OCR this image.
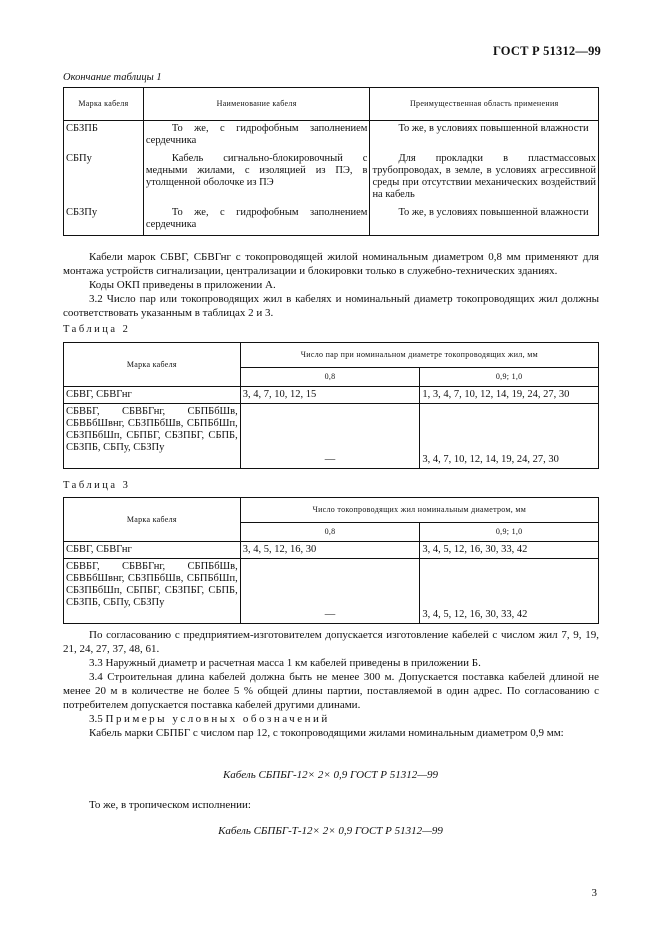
ГОСТ Р 51312—99
Окончание таблицы 1
Марка кабеля	Наименование кабеля	Преимущественная область применения
СБЗПБ	То же, с гидрофобным заполнением сердечника	То же, в условиях повышенной влажности
СБПу	Кабель сигнально-блокировочный с медными жилами, с изоляцией из ПЭ, в утолщенной оболочке из ПЭ	Для прокладки в пластмассовых трубопроводах, в земле, в условиях агрессивной среды при отсутствии механических воздействий на кабель
СБЗПу	То же, с гидрофобным заполнением сердечника	То же, в условиях повышенной влажности
Кабели марок СБВГ, СБВГнг с токопроводящей жилой номинальным диаметром 0,8 мм применяют для монтажа устройств сигнализации, централизации и блокировки только в служебно-технических зданиях.
Коды ОКП приведены в приложении А.
3.2 Число пар или токопроводящих жил в кабелях и номинальный диаметр токопроводящих жил должны соответствовать указанным в таблицах 2 и 3.
Таблица 2
Марка кабеля	Число пар при номинальном диаметре токопроводящих жил, мм	
	0,8	0,9; 1,0
СБВГ, СБВГнг	3, 4, 7, 10, 12, 15	1, 3, 4, 7, 10, 12, 14, 19, 24, 27, 30
СБВБГ, СБВБГнг, СБПБбШв, СБВБбШвнг, СБЗПБбШв, СБПБбШп, СБЗПБбШп, СБПБГ, СБЗПБГ, СБПБ, СБЗПБ, СБПу, СБЗПу	—	3, 4, 7, 10, 12, 14, 19, 24, 27, 30
Таблица 3
Марка кабеля	Число токопроводящих жил номинальным диаметром, мм	
	0,8	0,9; 1,0
СБВГ, СБВГнг	3, 4, 5, 12, 16, 30	3, 4, 5, 12, 16, 30, 33, 42
СБВБГ, СБВБГнг, СБПБбШв, СБВБбШвнг, СБЗПБбШв, СБПБбШп, СБЗПБбШп, СБПБГ, СБЗПБГ, СБПБ, СБЗПБ, СБПу, СБЗПу	—	3, 4, 5, 12, 16, 30, 33, 42
По согласованию с предприятием-изготовителем допускается изготовление кабелей с числом жил 7, 9, 19, 21, 24, 27, 37, 48, 61.
3.3 Наружный диаметр и расчетная масса 1 км кабелей приведены в приложении Б.
3.4 Строительная длина кабелей должна быть не менее 300 м. Допускается поставка кабелей длиной не менее 20 м в количестве не более 5 % общей длины партии, поставляемой в один адрес. По согласованию с потребителем допускается поставка кабелей другими длинами.
3.5 Примеры условных обозначений
Кабель марки СБПБГ с числом пар 12, с токопроводящими жилами номинальным диаметром 0,9 мм:
Кабель СБПБГ-12× 2× 0,9 ГОСТ Р 51312—99
То же, в тропическом исполнении:
Кабель СБПБГ-Т-12× 2× 0,9 ГОСТ Р 51312—99
3
